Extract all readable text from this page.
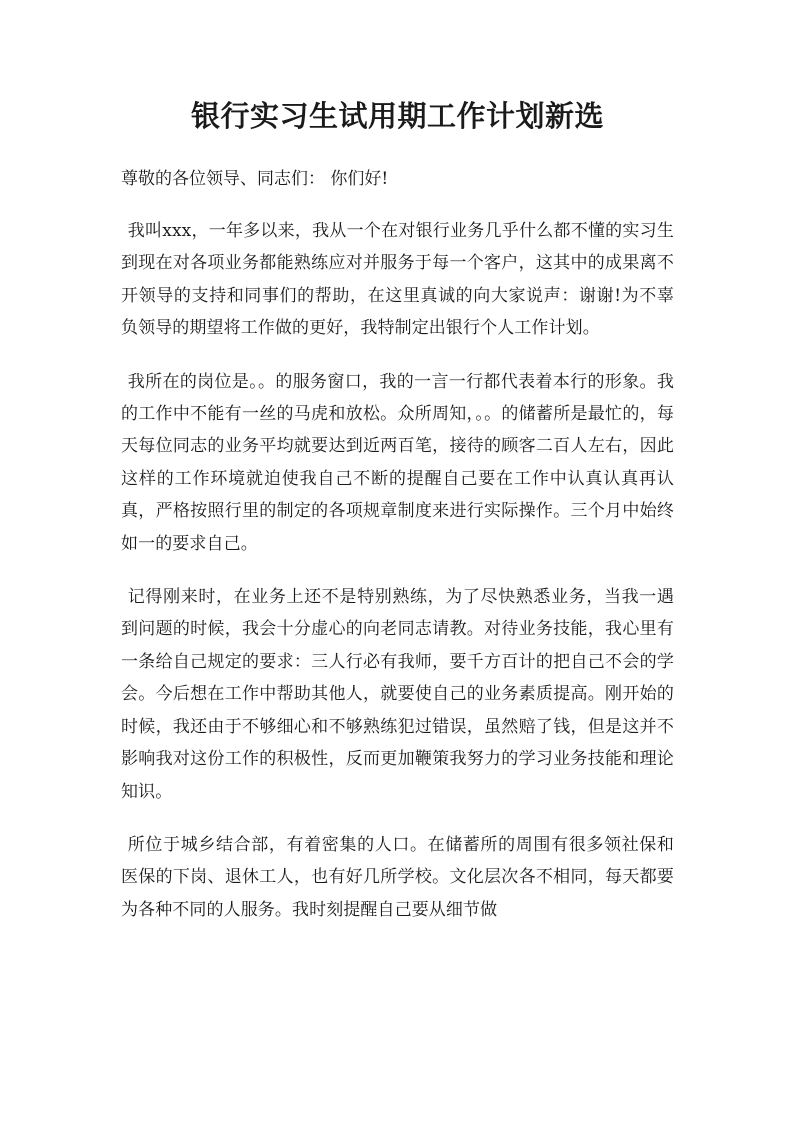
银行实习生试用期工作计划新选

尊敬的各位领导、同志们： 你们好!

我叫xxx，一年多以来，我从一个在对银行业务几乎什么都不懂的实习生到现在对各项业务都能熟练应对并服务于每一个客户，这其中的成果离不开领导的支持和同事们的帮助，在这里真诚的向大家说声：谢谢!为不辜负领导的期望将工作做的更好，我特制定出银行个人工作计划。

我所在的岗位是。。的服务窗口，我的一言一行都代表着本行的形象。我的工作中不能有一丝的马虎和放松。众所周知，。。的储蓄所是最忙的，每天每位同志的业务平均就要达到近两百笔，接待的顾客二百人左右，因此这样的工作环境就迫使我自己不断的提醒自己要在工作中认真认真再认真，严格按照行里的制定的各项规章制度来进行实际操作。三个月中始终如一的要求自己。

记得刚来时，在业务上还不是特别熟练，为了尽快熟悉业务，当我一遇到问题的时候，我会十分虚心的向老同志请教。对待业务技能，我心里有一条给自己规定的要求：三人行必有我师，要千方百计的把自己不会的学会。今后想在工作中帮助其他人，就要使自己的业务素质提高。刚开始的时候，我还由于不够细心和不够熟练犯过错误，虽然赔了钱，但是这并不影响我对这份工作的积极性，反而更加鞭策我努力的学习业务技能和理论知识。

所位于城乡结合部，有着密集的人口。在储蓄所的周围有很多领社保和医保的下岗、退休工人，也有好几所学校。文化层次各不相同，每天都要为各种不同的人服务。我时刻提醒自己要从细节做
